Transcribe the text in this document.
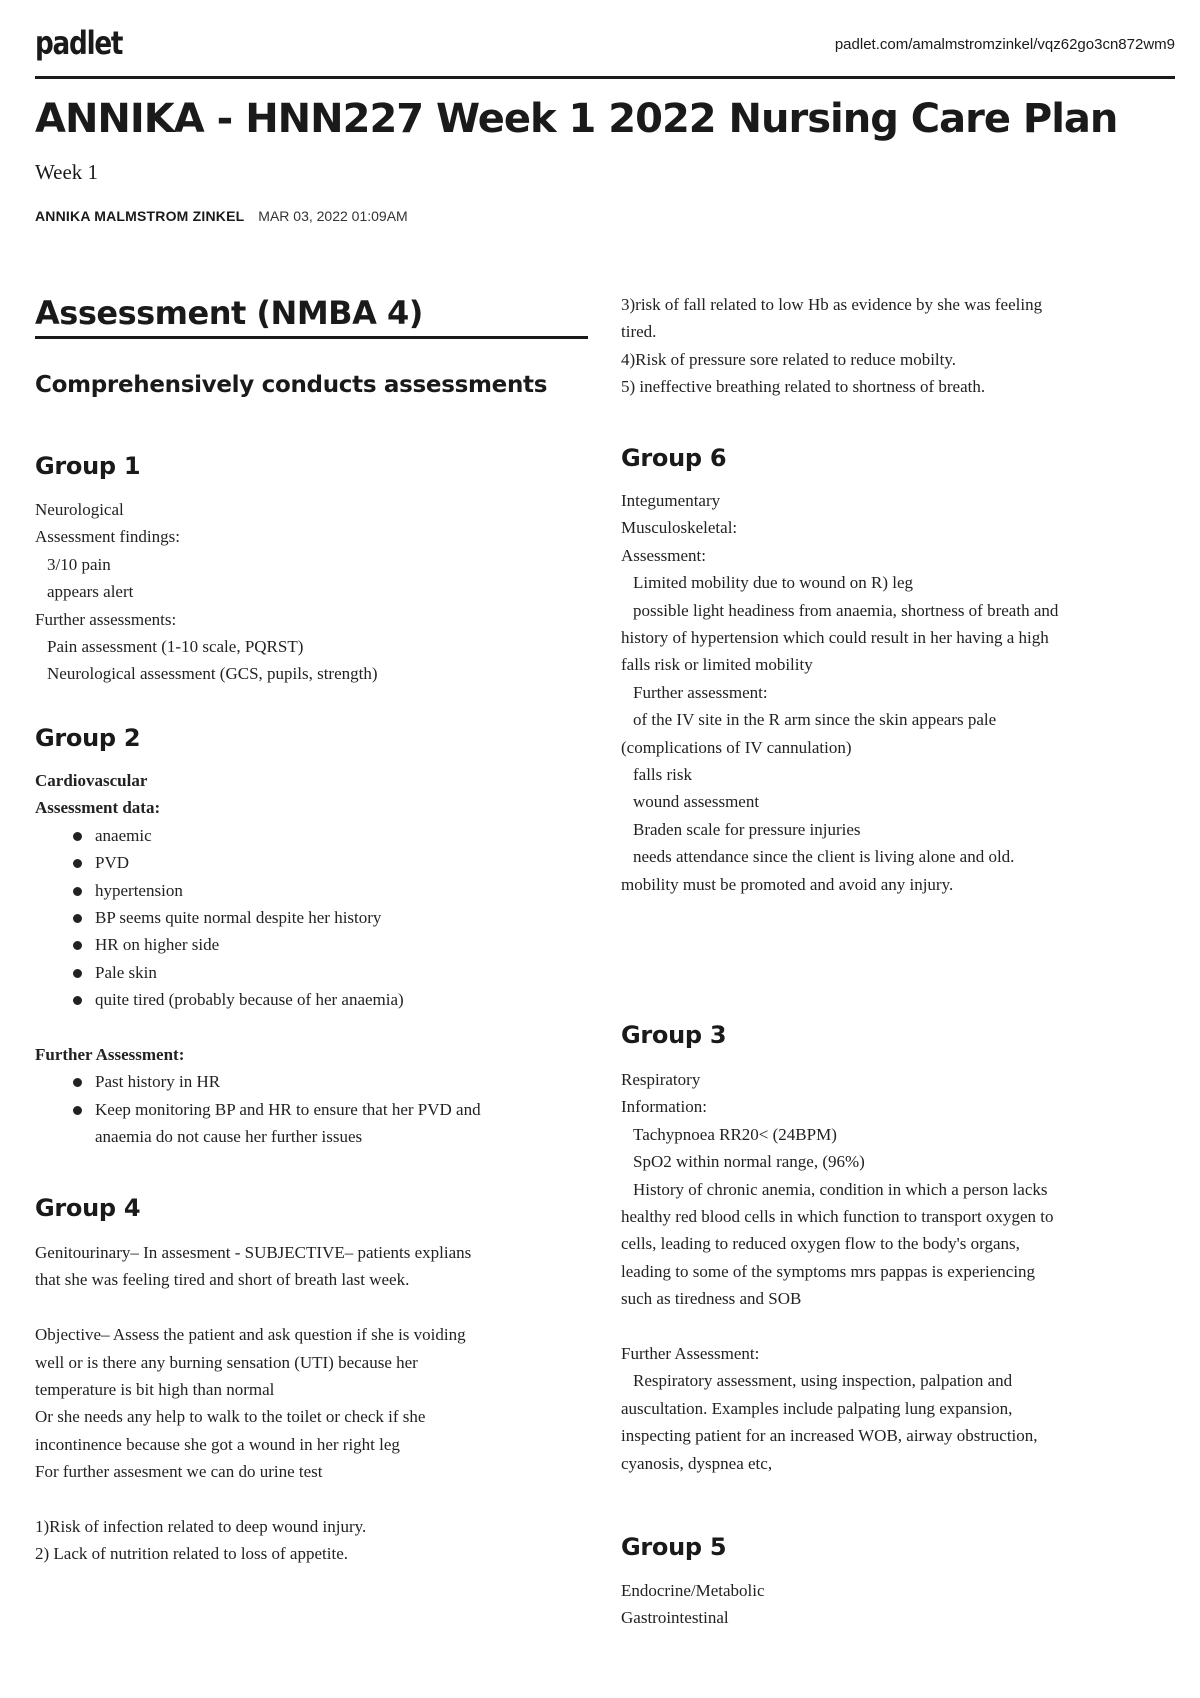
padlet	padlet.com/amalmstromzinkel/vqz62go3cn872wm9
ANNIKA - HNN227 Week 1 2022 Nursing Care Plan
Week 1
ANNIKA MALMSTROM ZINKEL MAR 03, 2022 01:09AM
Assessment (NMBA 4)
Comprehensively conducts assessments
Group 1
Neurological
Assessment findings:
3/10 pain
appears alert
Further assessments:
Pain assessment (1-10 scale, PQRST)
Neurological assessment (GCS, pupils, strength)
Group 2
Cardiovascular
Assessment data:
anaemic
PVD
hypertension
BP seems quite normal despite her history
HR on higher side
Pale skin
quite tired (probably because of her anaemia)
Further Assessment:
Past history in HR
Keep monitoring BP and HR to ensure that her PVD and
anaemia do not cause her further issues
Group 4
Genitourinary– In assesment - SUBJECTIVE– patients explians
that she was feeling tired and short of breath last week.
Objective– Assess the patient and ask question if she is voiding
well or is there any burning sensation (UTI) because her
temperature is bit high than normal
Or she needs any help to walk to the toilet or check if she
incontinence because she got a wound in her right leg
For further assesment we can do urine test
1)Risk of infection related to deep wound injury.
2) Lack of nutrition related to loss of appetite.
3)risk of fall related to low Hb as evidence by she was feeling
tired.
4)Risk of pressure sore related to reduce mobilty.
5) ineffective breathing related to shortness of breath.
Group 6
Integumentary
Musculoskeletal:
Assessment:
Limited mobility due to wound on R) leg
possible light headiness from anaemia, shortness of breath and
history of hypertension which could result in her having a high
falls risk or limited mobility
Further assessment:
of the IV site in the R arm since the skin appears pale
(complications of IV cannulation)
falls risk
wound assessment
Braden scale for pressure injuries
needs attendance since the client is living alone and old.
mobility must be promoted and avoid any injury.
Group 3
Respiratory
Information:
Tachypnoea RR20< (24BPM)
SpO2 within normal range, (96%)
History of chronic anemia, condition in which a person lacks
healthy red blood cells in which function to transport oxygen to
cells, leading to reduced oxygen flow to the body's organs,
leading to some of the symptoms mrs pappas is experiencing
such as tiredness and SOB
Further Assessment:
Respiratory assessment, using inspection, palpation and
auscultation. Examples include palpating lung expansion,
inspecting patient for an increased WOB, airway obstruction,
cyanosis, dyspnea etc,
Group 5
Endocrine/Metabolic
Gastrointestinal
